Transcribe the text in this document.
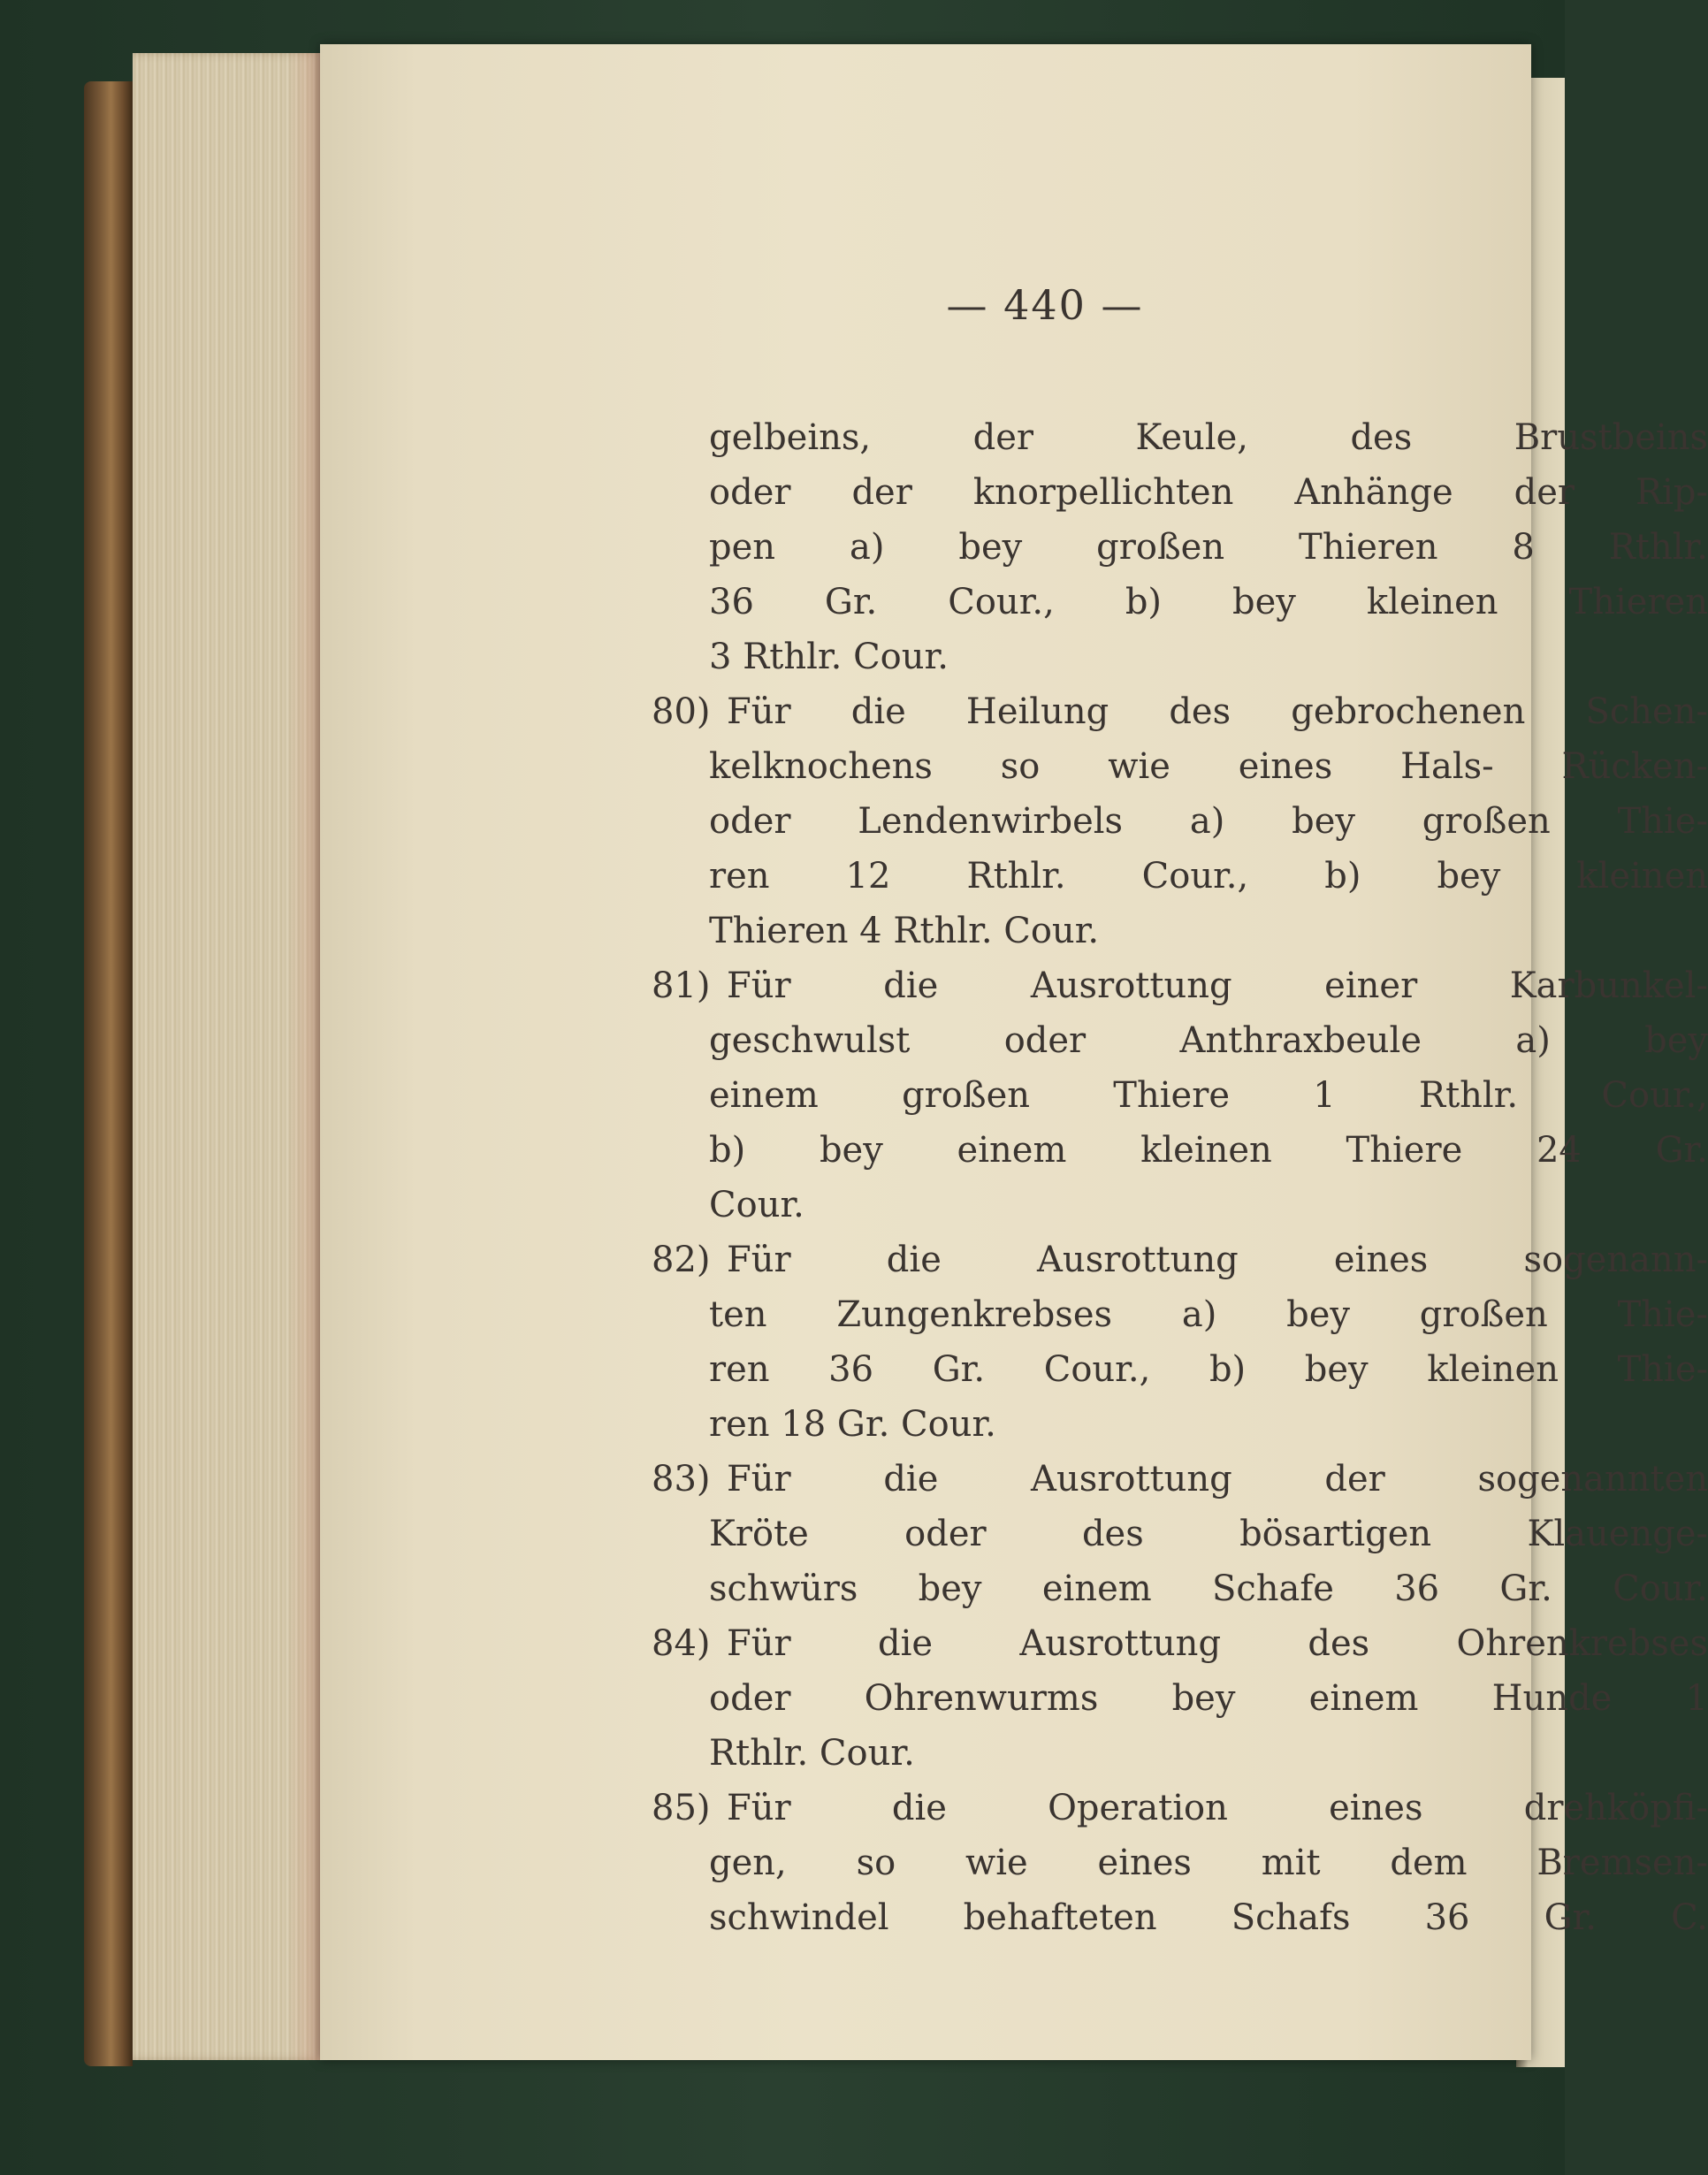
— 440 —
gelbeins, der Keule, des Brustbeins
oder der knorpellichten Anhänge der Rip-
pen a) bey großen Thieren 8 Rthlr.
36 Gr. Cour., b) bey kleinen Thieren
3 Rthlr. Cour.
80) Für die Heilung des gebrochenen Schen-
kelknochens so wie eines Hals- Rücken-
oder Lendenwirbels a) bey großen Thie-
ren 12 Rthlr. Cour., b) bey kleinen
Thieren 4 Rthlr. Cour.
81) Für die Ausrottung einer Karbunkel-
geschwulst oder Anthraxbeule a) bey
einem großen Thiere 1 Rthlr. Cour.,
b) bey einem kleinen Thiere 24 Gr.
Cour.
82) Für die Ausrottung eines sogenann-
ten Zungenkrebses a) bey großen Thie-
ren 36 Gr. Cour., b) bey kleinen Thie-
ren 18 Gr. Cour.
83) Für die Ausrottung der sogenannten
Kröte oder des bösartigen Klauenge-
schwürs bey einem Schafe 36 Gr. Cour.
84) Für die Ausrottung des Ohrenkrebses
oder Ohrenwurms bey einem Hunde 1
Rthlr. Cour.
85) Für die Operation eines drehköpfi-
gen, so wie eines mit dem Bremsen-
schwindel behafteten Schafs 36 Gr. C.
